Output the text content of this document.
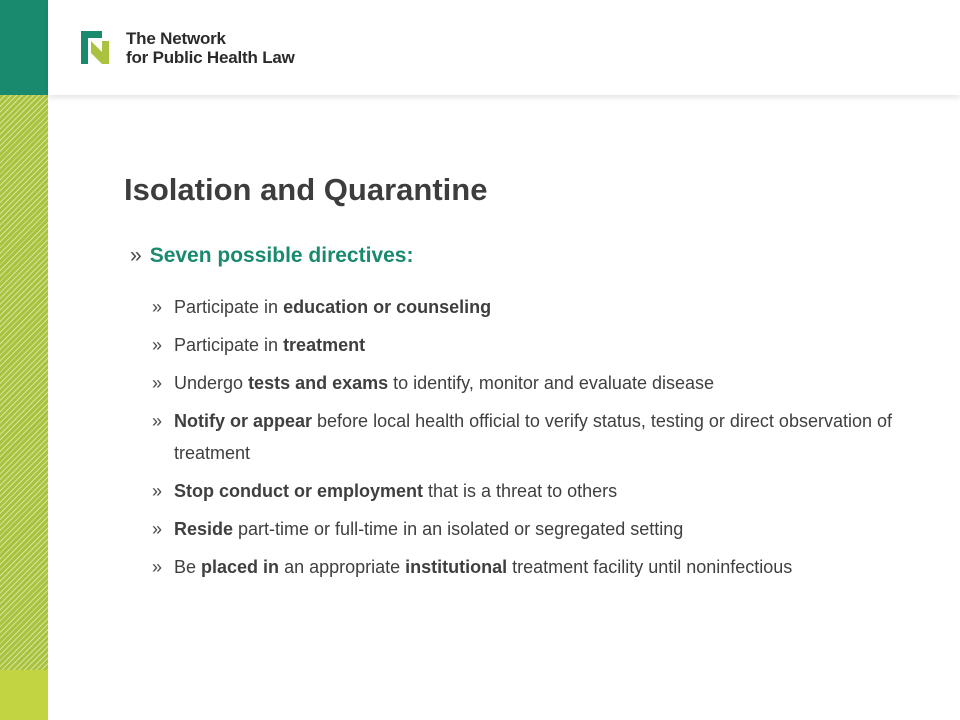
The Network
for Public Health Law
Isolation and Quarantine
» Seven possible directives:
» Participate in education or counseling
» Participate in treatment
» Undergo tests and exams to identify, monitor and evaluate disease
» Notify or appear before local health official to verify status, testing or direct observation of treatment
» Stop conduct or employment that is a threat to others
» Reside part-time or full-time in an isolated or segregated setting
» Be placed in an appropriate institutional treatment facility until noninfectious
